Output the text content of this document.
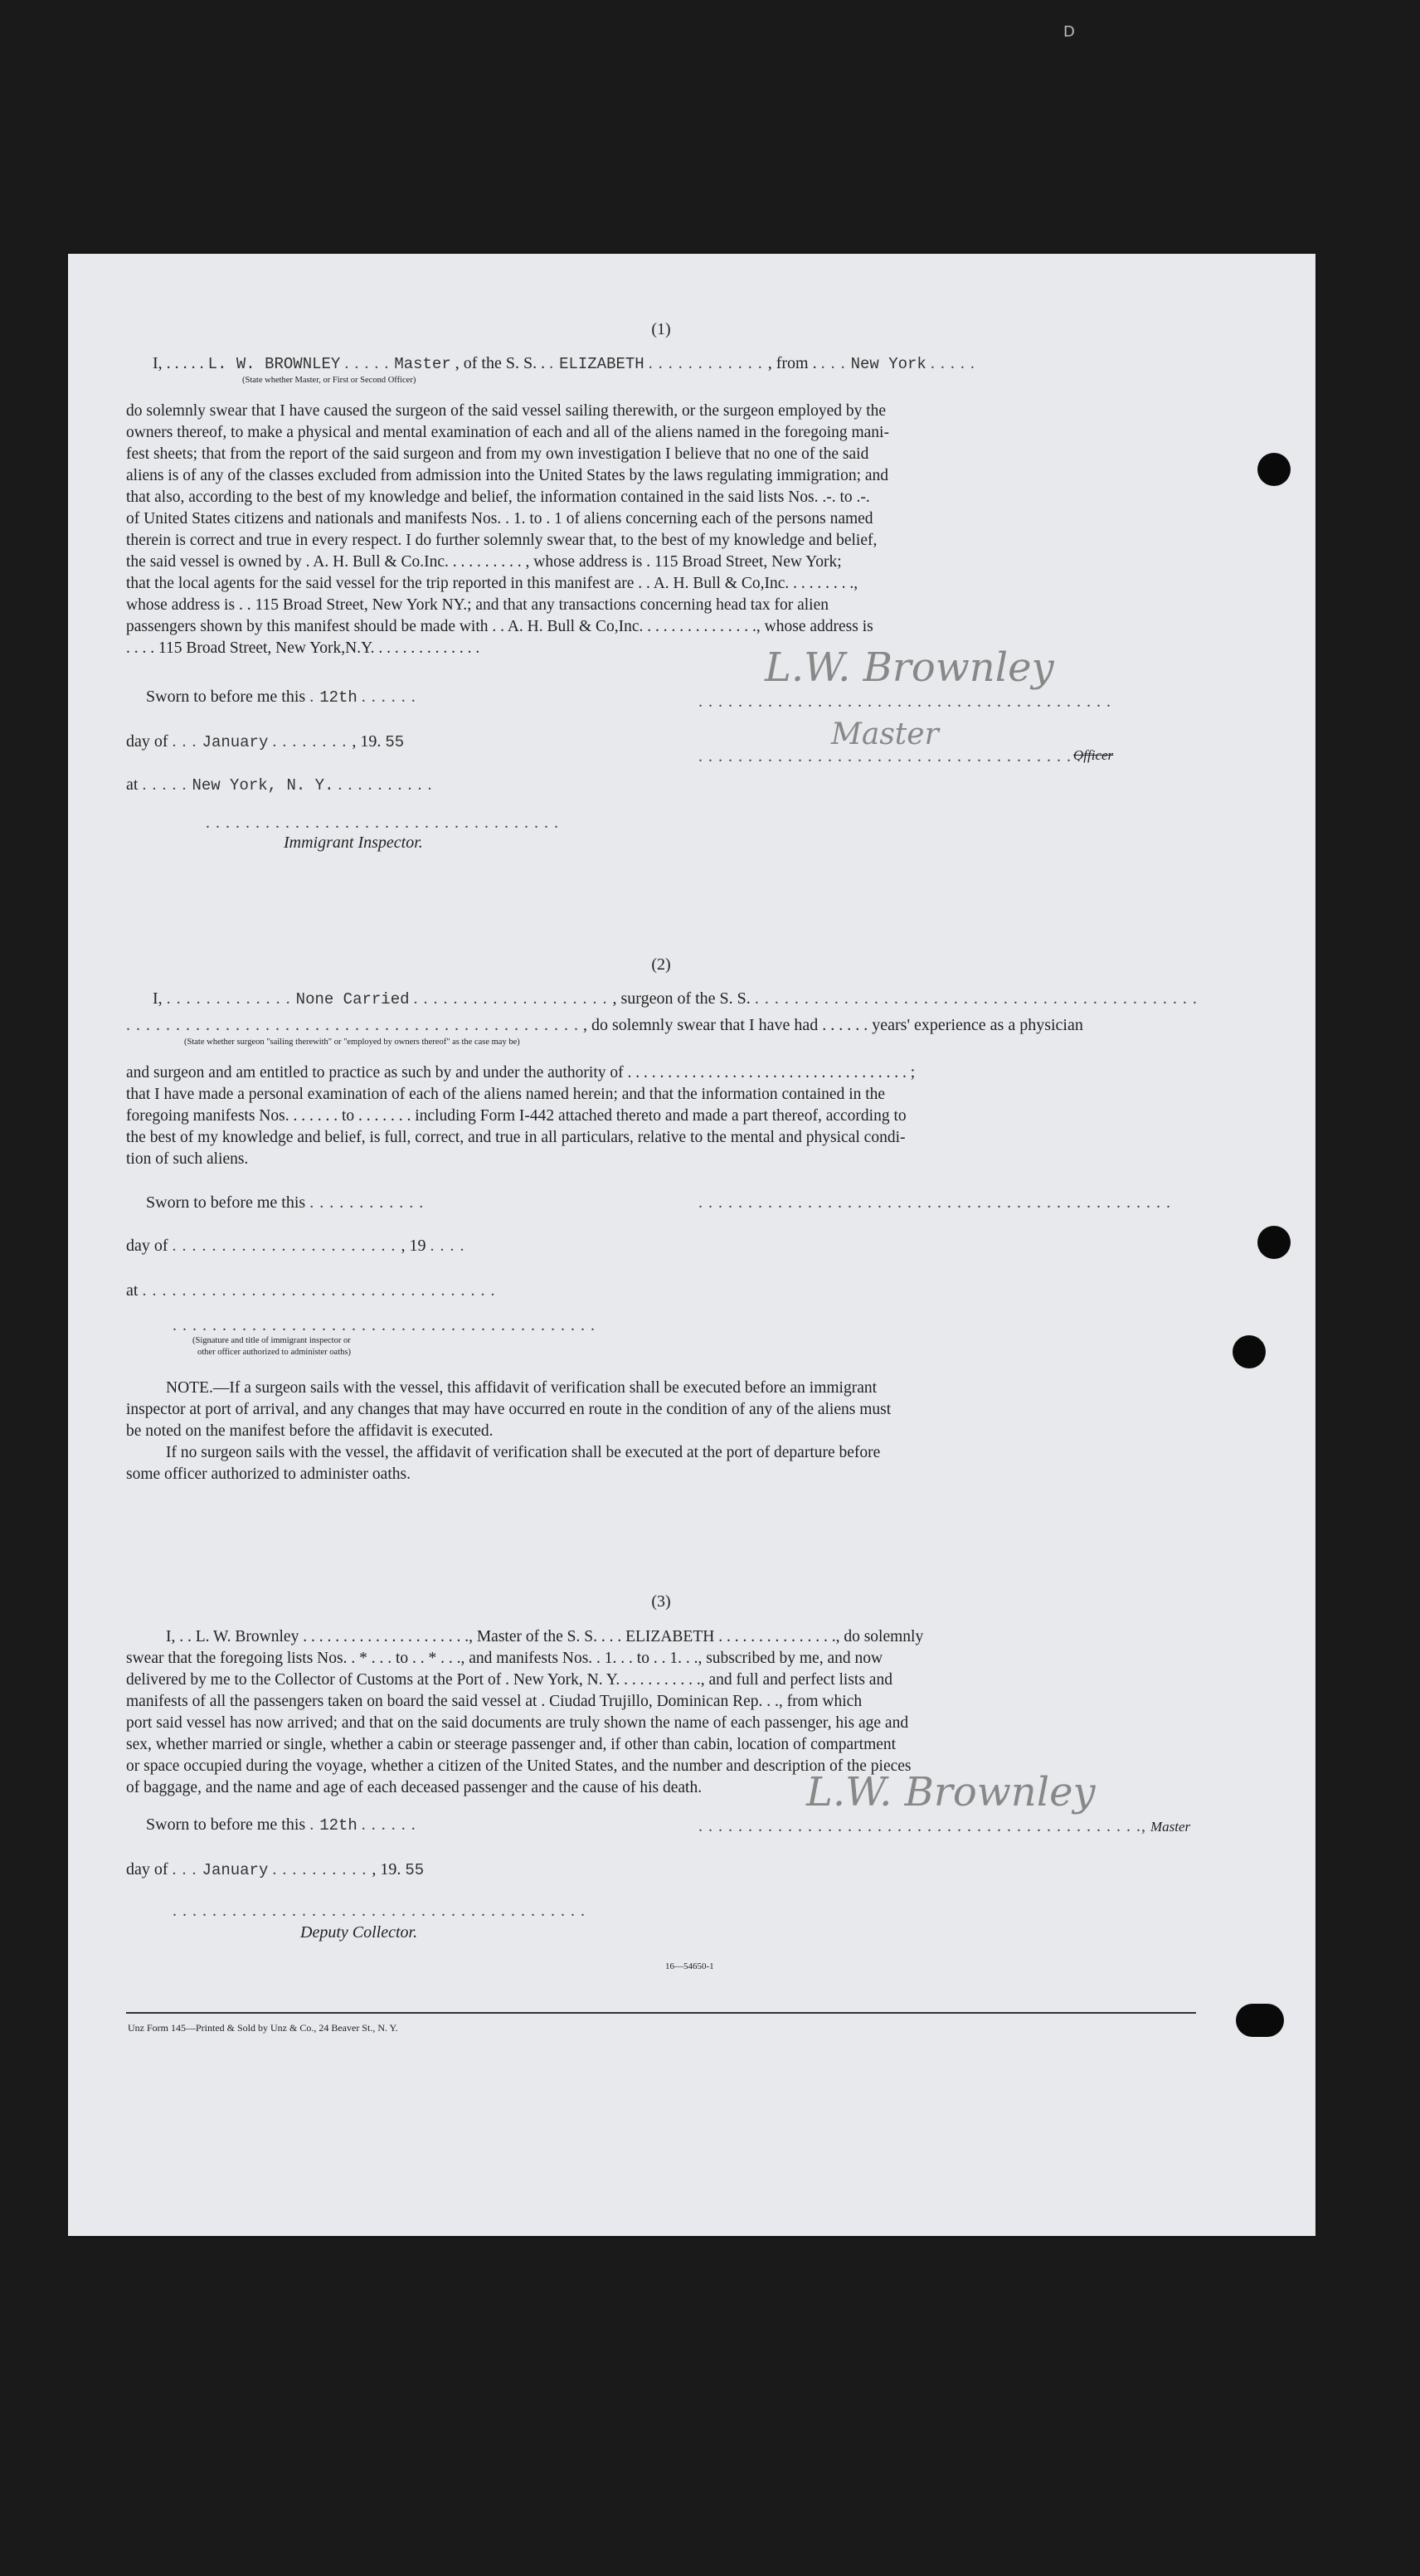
(1)

I, . . . . . L. W. BROWNLEY . . . . . Master , of the S. S. . . ELIZABETH . . . . . . . . . . . . , from . . . . New York . . . . .
(State whether Master, or First or Second Officer)

do solemnly swear that I have caused the surgeon of the said vessel sailing therewith, or the surgeon employed by the

owners thereof, to make a physical and mental examination of each and all of the aliens named in the foregoing mani-

fest sheets; that from the report of the said surgeon and from my own investigation I believe that no one of the said

aliens is of any of the classes excluded from admission into the United States by the laws regulating immigration; and

that also, according to the best of my knowledge and belief, the information contained in the said lists Nos. .-. to .-.

of United States citizens and nationals and manifests Nos. . 1. to . 1 of aliens concerning each of the persons named

therein is correct and true in every respect. I do further solemnly swear that, to the best of my knowledge and belief,

the said vessel is owned by . A. H. Bull & Co.Inc. . . . . . . . . . , whose address is . 115 Broad Street, New York;

that the local agents for the said vessel for the trip reported in this manifest are . . A. H. Bull & Co,Inc. . . . . . . . .,

whose address is . . 115 Broad Street, New York NY.; and that any transactions concerning head tax for alien

passengers shown by this manifest should be made with . . A. H. Bull & Co,Inc. . . . . . . . . . . . . . ., whose address is

. . . . 115 Broad Street, New York,N.Y. . . . . . . . . . . . . .

Sworn to before me this . 12th . . . . . .
day of . . . January . . . . . . . . , 19. 55
at . . . . . New York, N. Y. . . . . . . . . . .
. . . . . . . . . . . . . . . . . . . . . . . . . . . . . . . . . . . .
Immigrant Inspector.
L.W. Brownley
. . . . . . . . . . . . . . . . . . . . . . . . . . . . . . . . . . . . . . . . . .
Master
. . . . . . . . . . . . . . . . . . . . . . . . . . . . . . . . . . . . . . .
Officer

(2)

I, . . . . . . . . . . . . . None Carried . . . . . . . . . . . . . . . . . . . . , surgeon of the S. S. . . . . . . . . . . . . . . . . . . . . . . . . . . . . . . . . . . . . . . . . . . . . .
. . . . . . . . . . . . . . . . . . . . . . . . . . . . . . . . . . . . . . . . . . . . . . , do solemnly swear that I have had . . . . . . years' experience as a physician
(State whether surgeon "sailing therewith" or "employed by owners thereof" as the case may be)

and surgeon and am entitled to practice as such by and under the authority of . . . . . . . . . . . . . . . . . . . . . . . . . . . . . . . . . . . ;

that I have made a personal examination of each of the aliens named herein; and that the information contained in the

foregoing manifests Nos. . . . . . . to . . . . . . . including Form I-442 attached thereto and made a part thereof, according to

the best of my knowledge and belief, is full, correct, and true in all particulars, relative to the mental and physical condi-

tion of such aliens.

Sworn to before me this . . . . . . . . . . . .	. . . . . . . . . . . . . . . . . . . . . . . . . . . . . . . . . . . . . . . . . . . . . . . .
day of . . . . . . . . . . . . . . . . . . . . . . . , 19 . . . .
at . . . . . . . . . . . . . . . . . . . . . . . . . . . . . . . . . . . .
. . . . . . . . . . . . . . . . . . . . . . . . . . . . . . . . . . . . . . . . . . .
(Signature and title of immigrant inspector or
other officer authorized to administer oaths)

NOTE.—If a surgeon sails with the vessel, this affidavit of verification shall be executed before an immigrant

inspector at port of arrival, and any changes that may have occurred en route in the condition of any of the aliens must

be noted on the manifest before the affidavit is executed.

If no surgeon sails with the vessel, the affidavit of verification shall be executed at the port of departure before

some officer authorized to administer oaths.

(3)

I, . . L. W. Brownley . . . . . . . . . . . . . . . . . . . . ., Master of the S. S. . . . ELIZABETH . . . . . . . . . . . . . . ., do solemnly

swear that the foregoing lists Nos. . * . . . to . . * . . ., and manifests Nos. . 1. . . to . . 1. . ., subscribed by me, and now

delivered by me to the Collector of Customs at the Port of . New York, N. Y. . . . . . . . . . ., and full and perfect lists and

manifests of all the passengers taken on board the said vessel at . Ciudad Trujillo, Dominican Rep. . ., from which

port said vessel has now arrived; and that on the said documents are truly shown the name of each passenger, his age and

sex, whether married or single, whether a cabin or steerage passenger and, if other than cabin, location of compartment

or space occupied during the voyage, whether a citizen of the United States, and the number and description of the pieces

of baggage, and the name and age of each deceased passenger and the cause of his death.

Sworn to before me this . 12th . . . . . .
L.W. Brownley
. . . . . . . . . . . . . . . . . . . . . . . . . . . . . . . . . . . . . . . . . . . . ., Master
day of . . . January . . . . . . . . . . , 19. 55
. . . . . . . . . . . . . . . . . . . . . . . . . . . . . . . . . . . . . . . . . .
Deputy Collector.
16—54650-1
Unz Form 145—Printed & Sold by Unz & Co., 24 Beaver St., N. Y.
D
